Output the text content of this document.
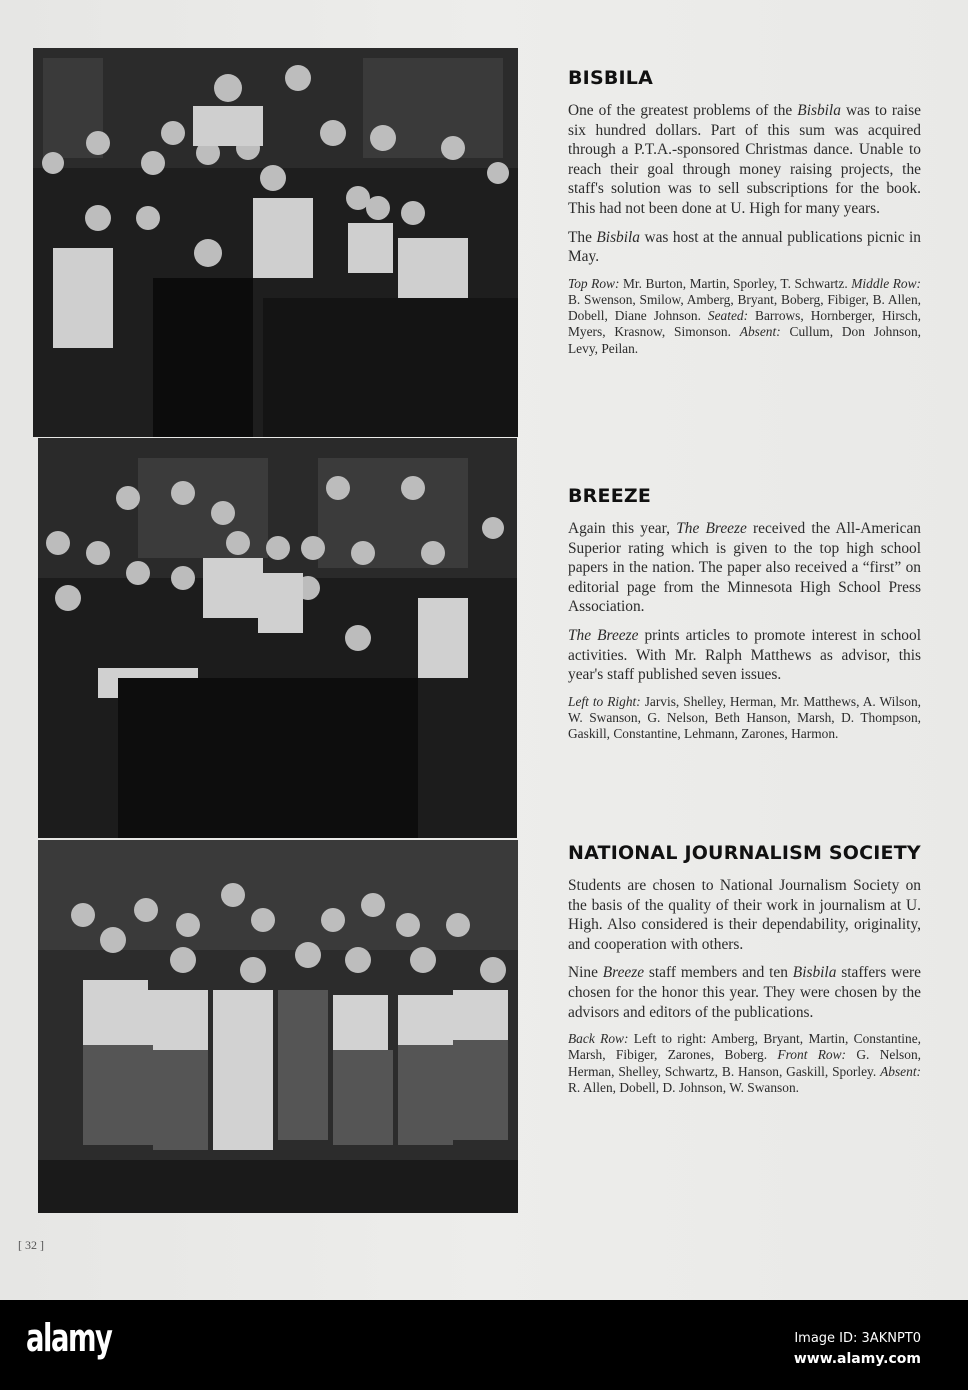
BISBILA

One of the greatest problems of the Bisbila was to raise six hundred dollars. Part of this sum was acquired through a P.T.A.-sponsored Christmas dance. Unable to reach their goal through money raising projects, the staff's solution was to sell subscriptions for the book. This had not been done at U. High for many years.

The Bisbila was host at the annual publications picnic in May.

Top Row: Mr. Burton, Martin, Sporley, T. Schwartz. Middle Row: B. Swenson, Smilow, Amberg, Bryant, Boberg, Fibiger, B. Allen, Dobell, Diane Johnson. Seated: Barrows, Hornberger, Hirsch, Myers, Krasnow, Simonson. Absent: Cullum, Don Johnson, Levy, Peilan.

BREEZE

Again this year, The Breeze received the All-American Superior rating which is given to the top high school papers in the nation. The paper also received a “first” on editorial page from the Minnesota High School Press Association.

The Breeze prints articles to promote interest in school activities. With Mr. Ralph Matthews as advisor, this year's staff published seven issues.

Left to Right: Jarvis, Shelley, Herman, Mr. Matthews, A. Wilson, W. Swanson, G. Nelson, Beth Hanson, Marsh, D. Thompson, Gaskill, Constantine, Lehmann, Zarones, Harmon.

NATIONAL JOURNALISM SOCIETY

Students are chosen to National Journalism Society on the basis of the quality of their work in journalism at U. High. Also considered is their dependability, originality, and cooperation with others.

Nine Breeze staff members and ten Bisbila staffers were chosen for the honor this year. They were chosen by the advisors and editors of the publications.

Back Row: Left to right: Amberg, Bryant, Martin, Constantine, Marsh, Fibiger, Zarones, Boberg. Front Row: G. Nelson, Herman, Shelley, Schwartz, B. Hanson, Gaskill, Sporley. Absent: R. Allen, Dobell, D. Johnson, W. Swanson.

[ 32 ]
alamy	Image ID: 3AKNPT0
www.alamy.com
